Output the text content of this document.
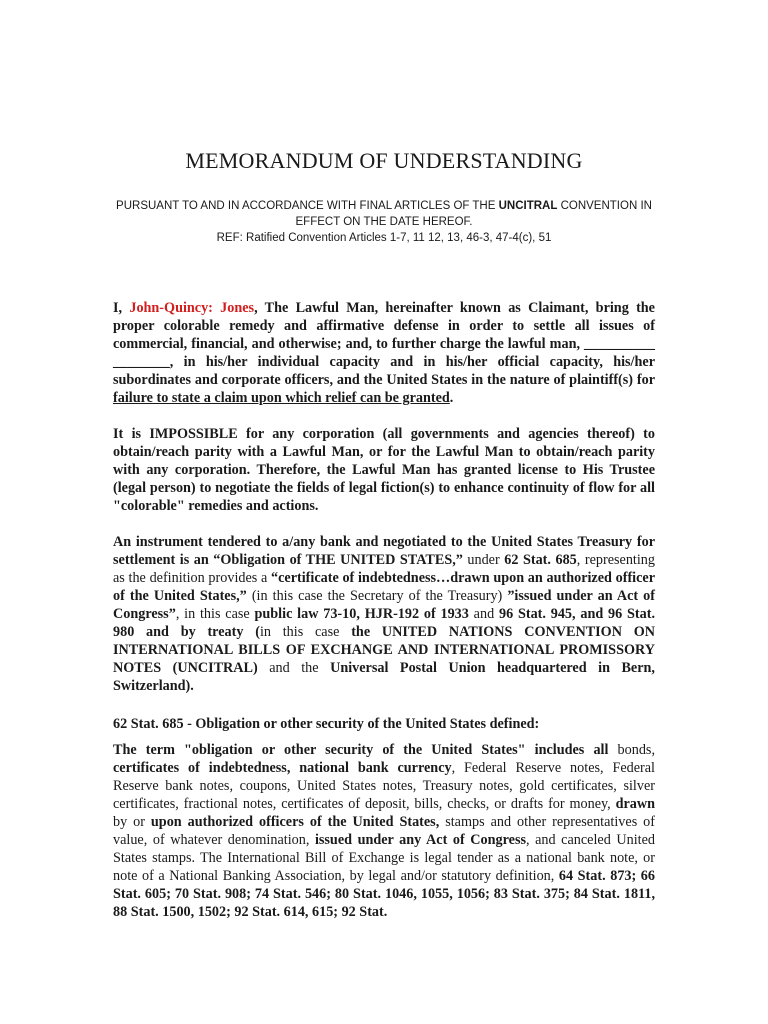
MEMORANDUM OF UNDERSTANDING
PURSUANT TO AND IN ACCORDANCE WITH FINAL ARTICLES OF THE UNCITRAL CONVENTION IN EFFECT ON THE DATE HEREOF.
REF: Ratified Convention Articles 1-7, 11 12, 13, 46-3, 47-4(c), 51

I, John-Quincy: Jones, The Lawful Man, hereinafter known as Claimant, bring the proper colorable remedy and affirmative defense in order to settle all issues of commercial, financial, and otherwise; and, to further charge the lawful man, __________ ________, in his/her individual capacity and in his/her official capacity, his/her subordinates and corporate officers, and the United States in the nature of plaintiff(s) for failure to state a claim upon which relief can be granted.

It is IMPOSSIBLE for any corporation (all governments and agencies thereof) to obtain/reach parity with a Lawful Man, or for the Lawful Man to obtain/reach parity with any corporation. Therefore, the Lawful Man has granted license to His Trustee (legal person) to negotiate the fields of legal fiction(s) to enhance continuity of flow for all "colorable" remedies and actions.

An instrument tendered to a/any bank and negotiated to the United States Treasury for settlement is an “Obligation of THE UNITED STATES,” under 62 Stat. 685, representing as the definition provides a “certificate of indebtedness…drawn upon an authorized officer of the United States,” (in this case the Secretary of the Treasury) ”issued under an Act of Congress”, in this case public law 73-10, HJR-192 of 1933 and 96 Stat. 945, and 96 Stat. 980 and by treaty (in this case the UNITED NATIONS CONVENTION ON INTERNATIONAL BILLS OF EXCHANGE AND INTERNATIONAL PROMISSORY NOTES (UNCITRAL) and the Universal Postal Union headquartered in Bern, Switzerland).

62 Stat. 685 - Obligation or other security of the United States defined:

The term "obligation or other security of the United States" includes all bonds, certificates of indebtedness, national bank currency, Federal Reserve notes, Federal Reserve bank notes, coupons, United States notes, Treasury notes, gold certificates, silver certificates, fractional notes, certificates of deposit, bills, checks, or drafts for money, drawn by or upon authorized officers of the United States, stamps and other representatives of value, of whatever denomination, issued under any Act of Congress, and canceled United States stamps. The International Bill of Exchange is legal tender as a national bank note, or note of a National Banking Association, by legal and/or statutory definition, 64 Stat. 873; 66 Stat. 605; 70 Stat. 908; 74 Stat. 546; 80 Stat. 1046, 1055, 1056; 83 Stat. 375; 84 Stat. 1811, 88 Stat. 1500, 1502; 92 Stat. 614, 615; 92 Stat.
